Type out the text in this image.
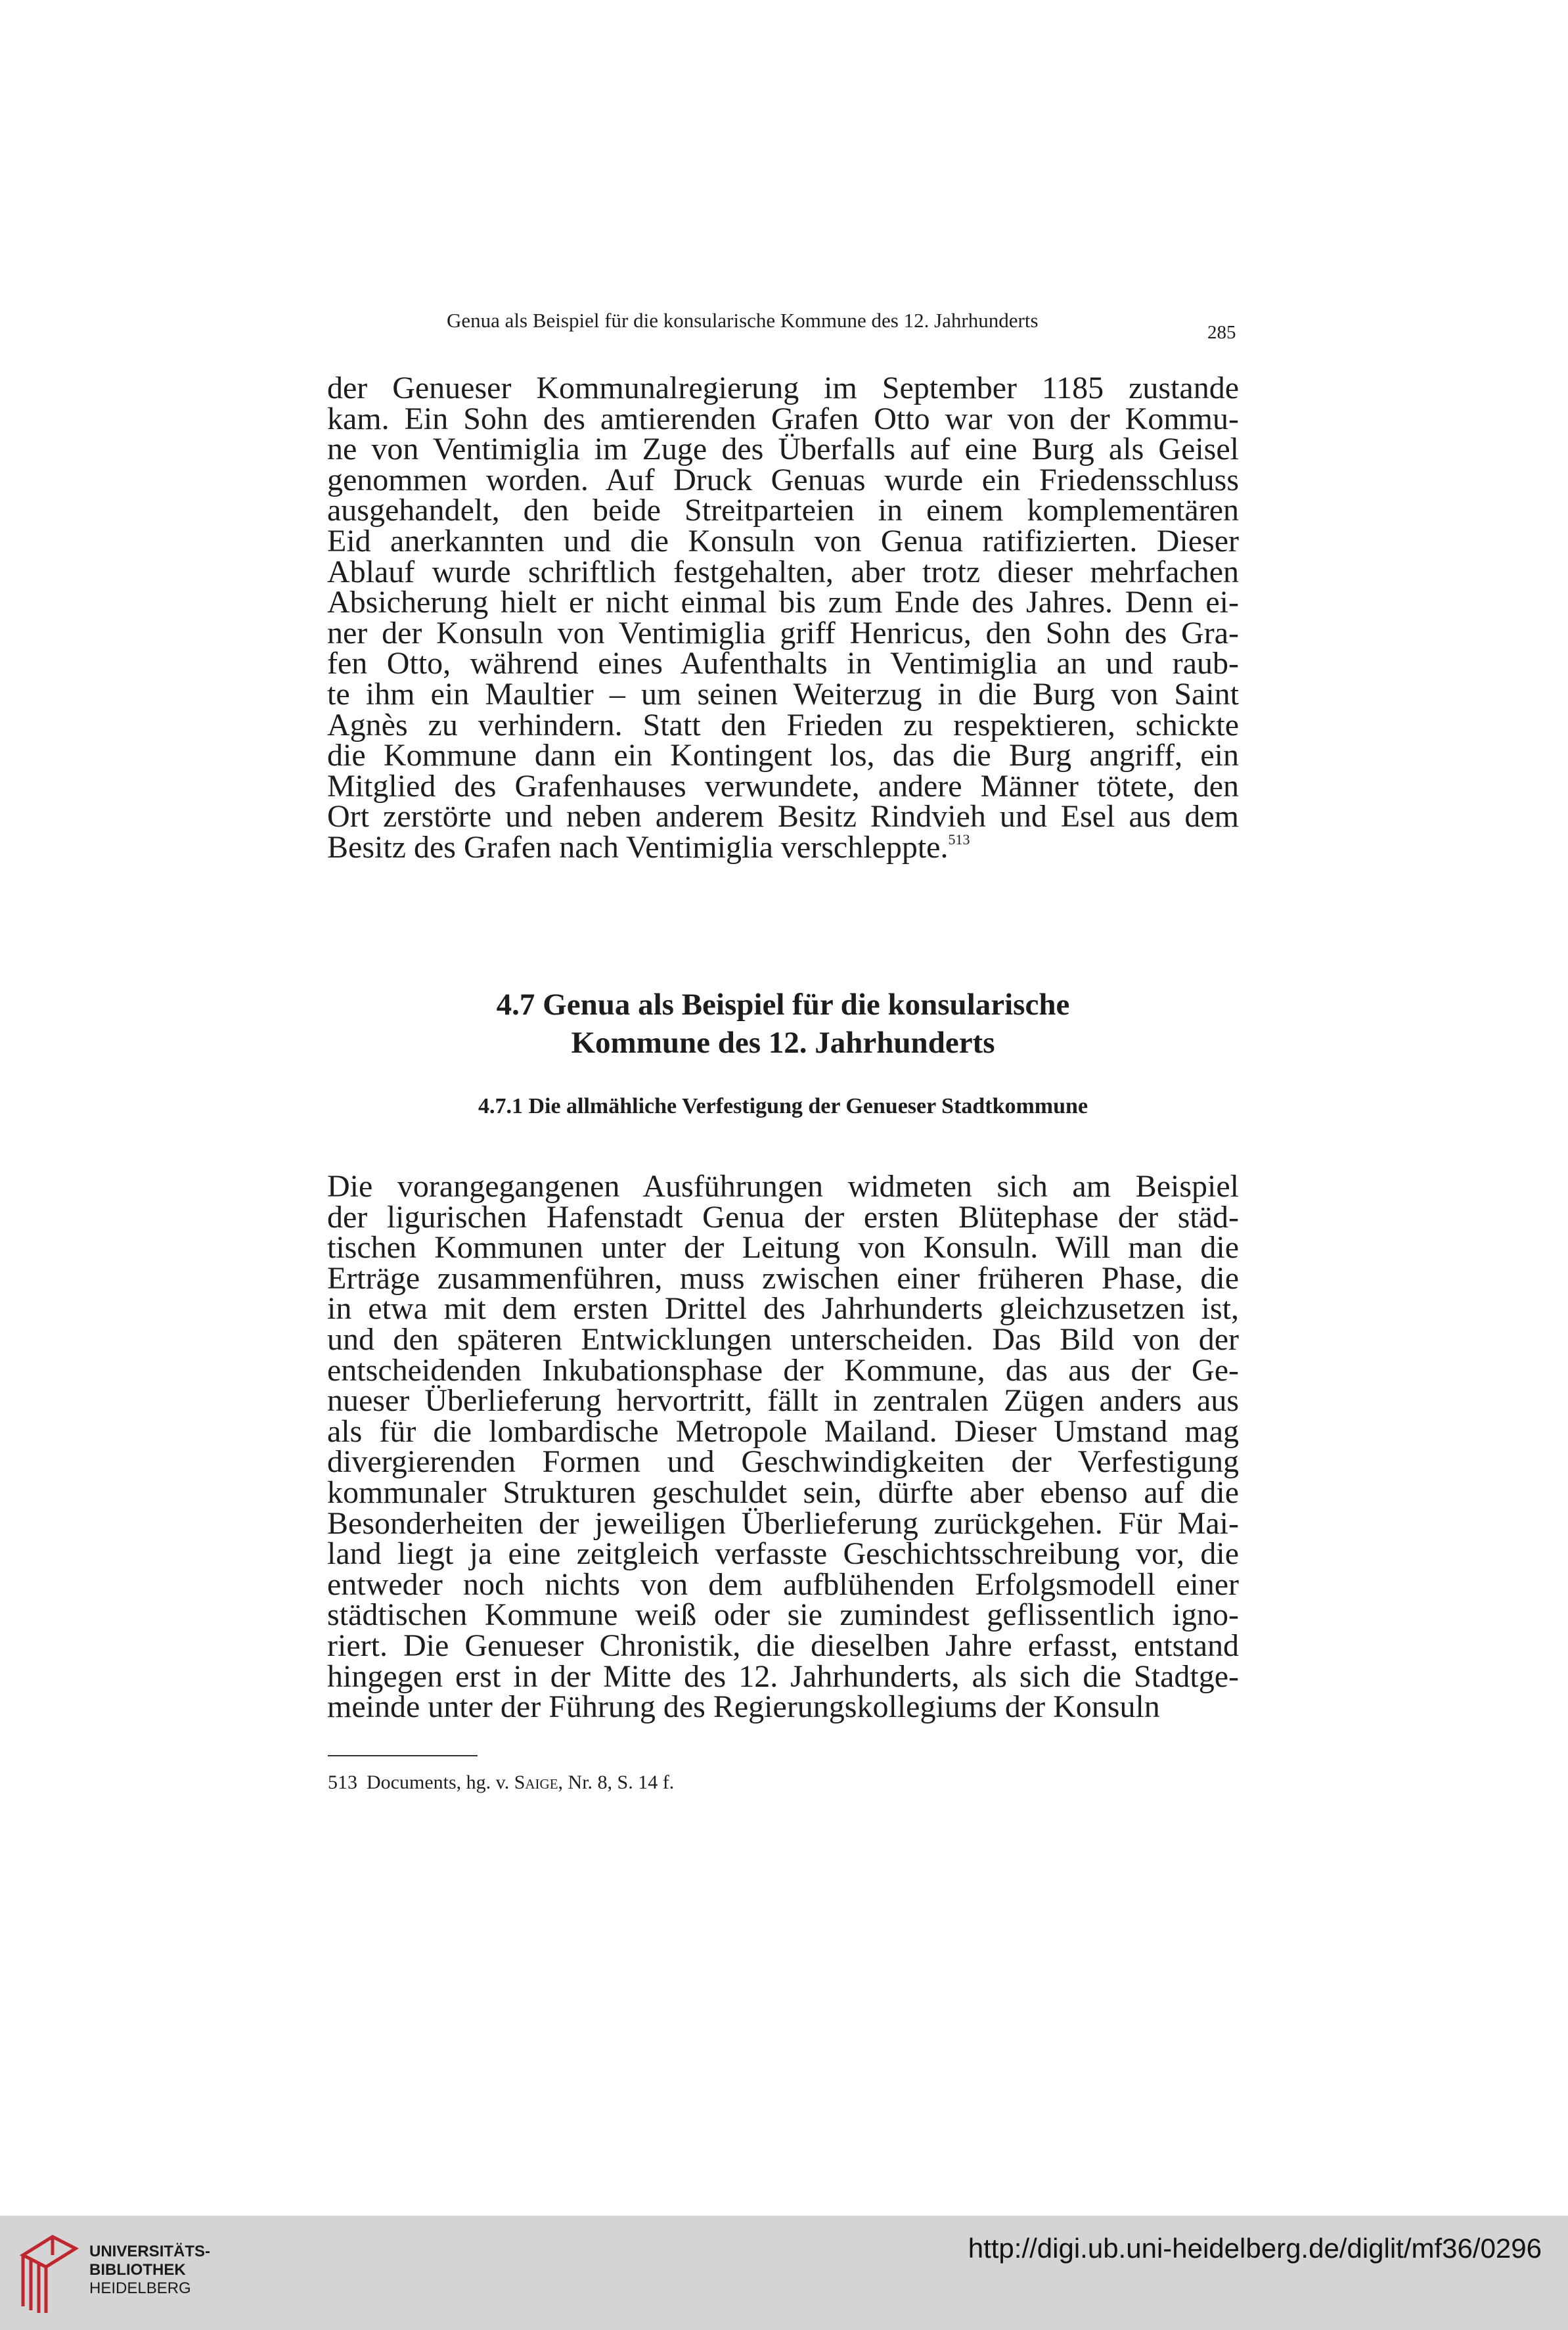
Genua als Beispiel für die konsularische Kommune des 12. Jahrhunderts
285
der Genueser Kommunalregierung im September 1185 zustande
kam. Ein Sohn des amtierenden Grafen Otto war von der Kommu-
ne von Ventimiglia im Zuge des Überfalls auf eine Burg als Geisel
genommen worden. Auf Druck Genuas wurde ein Friedensschluss
ausgehandelt, den beide Streitparteien in einem komplementären
Eid anerkannten und die Konsuln von Genua ratifizierten. Dieser
Ablauf wurde schriftlich festgehalten, aber trotz dieser mehrfachen
Absicherung hielt er nicht einmal bis zum Ende des Jahres. Denn ei-
ner der Konsuln von Ventimiglia griff Henricus, den Sohn des Gra-
fen Otto, während eines Aufenthalts in Ventimiglia an und raub-
te ihm ein Maultier – um seinen Weiterzug in die Burg von Saint
Agnès zu verhindern. Statt den Frieden zu respektieren, schickte
die Kommune dann ein Kontingent los, das die Burg angriff, ein
Mitglied des Grafenhauses verwundete, andere Männer tötete, den
Ort zerstörte und neben anderem Besitz Rindvieh und Esel aus dem
Besitz des Grafen nach Ventimiglia verschleppte.$^{513}$
4.7 Genua als Beispiel für die konsularische
Kommune des 12. Jahrhunderts
4.7.1 Die allmähliche Verfestigung der Genueser Stadtkommune
Die vorangegangenen Ausführungen widmeten sich am Beispiel
der ligurischen Hafenstadt Genua der ersten Blütephase der städ-
tischen Kommunen unter der Leitung von Konsuln. Will man die
Erträge zusammenführen, muss zwischen einer früheren Phase, die
in etwa mit dem ersten Drittel des Jahrhunderts gleichzusetzen ist,
und den späteren Entwicklungen unterscheiden. Das Bild von der
entscheidenden Inkubationsphase der Kommune, das aus der Ge-
nueser Überlieferung hervortritt, fällt in zentralen Zügen anders aus
als für die lombardische Metropole Mailand. Dieser Umstand mag
divergierenden Formen und Geschwindigkeiten der Verfestigung
kommunaler Strukturen geschuldet sein, dürfte aber ebenso auf die
Besonderheiten der jeweiligen Überlieferung zurückgehen. Für Mai-
land liegt ja eine zeitgleich verfasste Geschichtsschreibung vor, die
entweder noch nichts von dem aufblühenden Erfolgsmodell einer
städtischen Kommune weiß oder sie zumindest geflissentlich igno-
riert. Die Genueser Chronistik, die dieselben Jahre erfasst, entstand
hingegen erst in der Mitte des 12. Jahrhunderts, als sich die Stadtge-
meinde unter der Führung des Regierungskollegiums der Konsuln
513 Documents, hg. v. Saige, Nr. 8, S. 14 f.
UNIVERSITÄTS-
BIBLIOTHEK
HEIDELBERG
http://digi.ub.uni-heidelberg.de/diglit/mf36/0296
